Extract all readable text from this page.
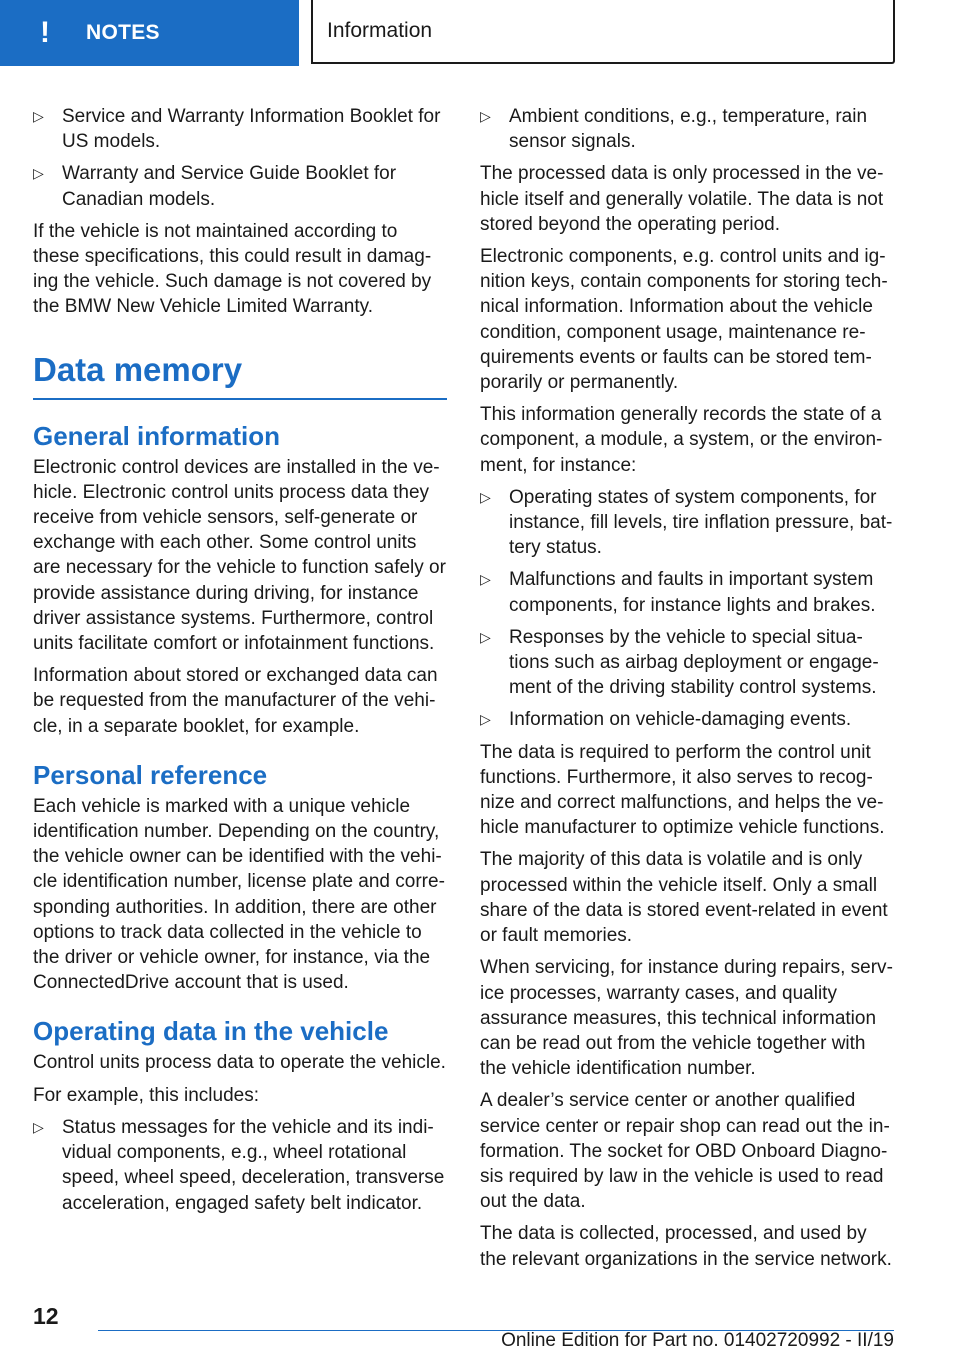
! NOTES	Information
▷ Service and Warranty Information Booklet for US models.
▷ Warranty and Service Guide Booklet for Canadian models.

If the vehicle is not maintained according to these specifications, this could result in damaging the vehicle. Such damage is not covered by the BMW New Vehicle Limited Warranty.

Data memory
General information

Electronic control devices are installed in the vehicle. Electronic control units process data they receive from vehicle sensors, self-generate or exchange with each other. Some control units are necessary for the vehicle to function safely or provide assistance during driving, for instance driver assistance systems. Furthermore, control units facilitate comfort or infotainment functions.

Information about stored or exchanged data can be requested from the manufacturer of the vehicle, in a separate booklet, for example.

Personal reference

Each vehicle is marked with a unique vehicle identification number. Depending on the country, the vehicle owner can be identified with the vehicle identification number, license plate and corresponding authorities. In addition, there are other options to track data collected in the vehicle to the driver or vehicle owner, for instance, via the ConnectedDrive account that is used.

Operating data in the vehicle

Control units process data to operate the vehicle.

For example, this includes:

▷ Status messages for the vehicle and its individual components, e.g., wheel rotational speed, wheel speed, deceleration, transverse acceleration, engaged safety belt indicator.
▷ Ambient conditions, e.g., temperature, rain sensor signals.

The processed data is only processed in the vehicle itself and generally volatile. The data is not stored beyond the operating period.

Electronic components, e.g. control units and ignition keys, contain components for storing technical information. Information about the vehicle condition, component usage, maintenance requirements events or faults can be stored temporarily or permanently.

This information generally records the state of a component, a module, a system, or the environment, for instance:

▷ Operating states of system components, for instance, fill levels, tire inflation pressure, battery status.
▷ Malfunctions and faults in important system components, for instance lights and brakes.
▷ Responses by the vehicle to special situations such as airbag deployment or engagement of the driving stability control systems.
▷ Information on vehicle-damaging events.

The data is required to perform the control unit functions. Furthermore, it also serves to recognize and correct malfunctions, and helps the vehicle manufacturer to optimize vehicle functions.

The majority of this data is volatile and is only processed within the vehicle itself. Only a small share of the data is stored event-related in event or fault memories.

When servicing, for instance during repairs, service processes, warranty cases, and quality assurance measures, this technical information can be read out from the vehicle together with the vehicle identification number.

A dealer’s service center or another qualified service center or repair shop can read out the information. The socket for OBD Onboard Diagnosis required by law in the vehicle is used to read out the data.

The data is collected, processed, and used by the relevant organizations in the service network.

12
Online Edition for Part no. 01402720992 - II/19
